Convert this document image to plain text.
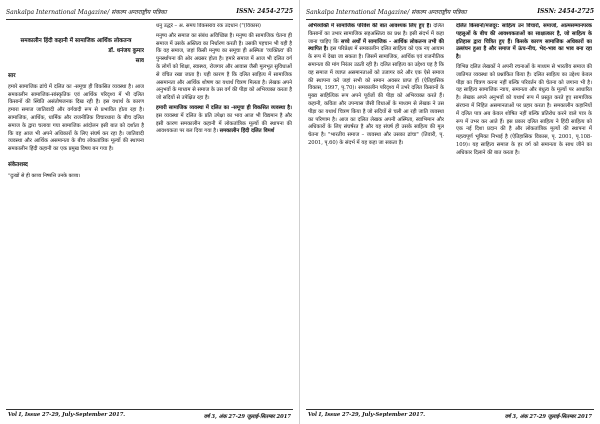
Sankalpa International Magazine/ संकल्प अन्तराष्ट्रीय पत्रिका	ISSN: 2454-2725
समकालीन हिंदी कहानी में सामाजिक आर्थिक लोकतन्त्र
डॉ. धनंजय कुमार
साव
सार

हमारे सामाजिक ढांचे में दलित का -समूचा ही विकसित व्यवस्था है। आज समकालीन सामाजिक-सांस्कृतिक एवं आर्थिक परिदृश्य में भी दलित किसानों की स्थिति असंतोषजनक दिख रही है। इस यथार्थ के कारण हमारा समाज जातिवादी और वर्गवादी रूप से प्रभावित होता रहा है। सामाजिक, आर्थिक, धार्मिक और राजनीतिक विचारधारा के बीच दलित समाज के द्वारा चलाया गया सामाजिक आंदोलन इसी बात को दर्शाता है कि वह आज भी अपने अधिकारों के लिए संघर्ष कर रहा है। जातिवादी व्यवस्था और आर्थिक असमानता के बीच लोकतांत्रिक मूल्यों की स्थापना समकालीन हिंदी कहानी का एक प्रमुख विषय बन गया है।

संकेतशब्द

"दुःखों से ही काव्य निष्पत्ति उनके काव्य।

धनु उद्धरे – अ. समय विकसराव रक उदधान ("(विकास)

मनुष्य और समाज का संबंध अविच्छिन्न है। मनुष्य की सामाजिक चेतना ही समाज में उसके अस्तित्व का निर्धारण करती है। उसकी पहचान भी यही है कि वह समाज, जहां किसी मनुष्य का समूचा ही अस्मिता 'व्यक्तित्व' की पुनर्स्थापना की ओर अग्रसर होता है। हमारे समाज में आज भी दलित वर्ग के लोगों को शिक्षा, स्वास्थ्य, रोजगार और आवास जैसी मूलभूत सुविधाओं से वंचित रखा जाता है। यही कारण है कि दलित साहित्य में सामाजिक असमानता और आर्थिक शोषण का यथार्थ चित्रण मिलता है। लेखक अपने अनुभवों के माध्यम से समाज के उस वर्ग की पीड़ा को अभिव्यक्त करता है जो सदियों से उपेक्षित रहा है।

हमारी सामाजिक व्यवस्था में दलित का -समूचा ही विकसित व्यवस्था है। इस व्यवस्था में दलित के प्रति उपेक्षा का भाव आज भी विद्यमान है और इसी कारण समकालीन कहानी में लोकतांत्रिक मूल्यों की स्थापना की आवश्यकता पर बल दिया गया है। समकालीन हिंदी दलित विमर्श

Vol I, Issue 27-29, July-September 2017.	वर्ष 3, अंक 27-29 जुलाई-सितम्बर 2017
Sankalpa International Magazine/ संकल्प अन्तराष्ट्रीय पत्रिका	ISSN: 2454-2725

अभिव्यक्ति में सामाजिक परिवेश की बात आवश्यक लिए हुए है। दलित किसानों का उभार सामाजिक सहअस्तित्व का प्रश्न है। इसी संदर्भ में कहा जाना चाहिए कि सच्चे अर्थों में सामाजिक - आर्थिक लोकतन्त्र तभी की स्थापित है। इस परिप्रेक्ष्य में समकालीन दलित साहित्य को एक नए आयाम के रूप में देखा जा सकता है। जिसमें सामाजिक, आर्थिक एवं राजनीतिक समानता की मांग निरंतर उठती रही है। दलित साहित्य का उद्देश्य यह है कि वह समाज में व्याप्त असमानताओं को उजागर करे और एक ऐसे समाज की स्थापना करे जहां सभी को समान अवसर प्राप्त हों (ऐतिहासिक विकास, 1997, पृ.70)। समकालीन परिदृश्य में उभरे दलित किसानों के मुख्य साहित्यिक रूप अपने पूर्वजों की पीड़ा को अभिव्यक्त करते हैं। कहानी, कविता और उपन्यास जैसी विधाओं के माध्यम से लेखक ने उस पीड़ा का यथार्थ चित्रण किया है जो सदियों से चली आ रही जाति व्यवस्था का परिणाम है। आज का दलित लेखक अपनी अस्मिता, स्वाभिमान और अधिकारों के लिए संघर्षरत है और यह संघर्ष ही उसके साहित्य की मूल चेतना है। "भारतीय समाज – व्यवस्था और उसका ढांचा" (तिवारी, पृ. 2001, पृ.60) के संदर्भ में यह कहा जा सकता है।

दलित किसानों/मजदूर: साहित्य उन विचारों, समाजों, आत्मसम्मानपरक पहलुओं के बीच की आवश्यकताओं का साक्षात्कार है, जो साहित्य के इतिहास द्वारा चित्रित हुए हैं। किसके कारण सामाजिक अधिकारों का उल्लंघन हुआ है और समाज में ऊंच-नीच, भेद-भाव का भाव बना रहा है।

विभिन्न दलित लेखकों ने अपनी रचनाओं के माध्यम से भारतीय समाज की जातिगत व्यवस्था को प्रश्नांकित किया है। दलित साहित्य का उद्देश्य केवल पीड़ा का चित्रण करना नहीं बल्कि परिवर्तन की चेतना को जगाना भी है। यह साहित्य सामाजिक न्याय, समानता और बंधुत्व के मूल्यों पर आधारित है। लेखक अपने अनुभवों को यथार्थ रूप में प्रस्तुत करते हुए सामाजिक संरचना में निहित असमानताओं पर प्रहार करता है। समकालीन कहानियों में दलित पात्र अब केवल शोषित नहीं बल्कि प्रतिरोध करने वाले पात्र के रूप में उभर कर आते हैं। इस प्रकार दलित साहित्य ने हिंदी साहित्य को एक नई दिशा प्रदान की है और लोकतांत्रिक मूल्यों की स्थापना में महत्वपूर्ण भूमिका निभाई है (ऐतिहासिक विकास, पृ. 2001, पृ.108-109)। यह साहित्य समाज के हर वर्ग को समानता के साथ जीने का अधिकार दिलाने की बात करता है।

Vol I, Issue 27-29, July-September 2017.	वर्ष 3, अंक 27-29 जुलाई-सितम्बर 2017
